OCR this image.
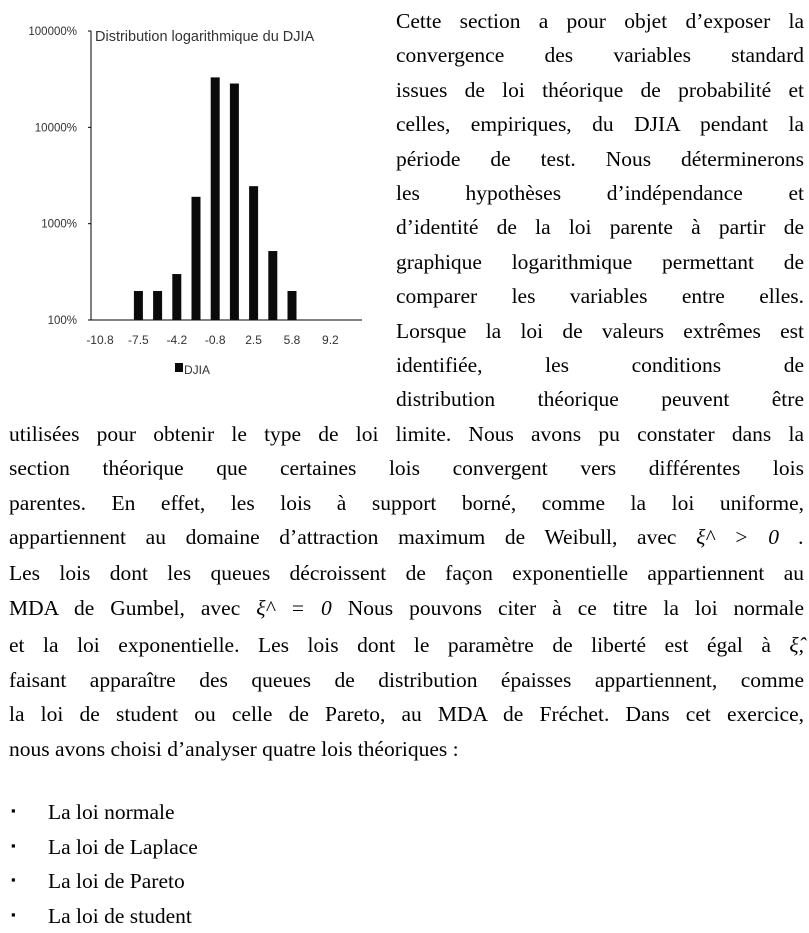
100%
1000%
10000%
100000%
-10.8 -7.5 -4.2 -0.8 2.5 5.8 9.2
Distribution logarithmique du DJIA
DJIA
Cette section a pour objet d’exposer la
convergence des variables standard
issues de loi théorique de probabilité et
celles, empiriques, du DJIA pendant la
période de test. Nous déterminerons
les hypothèses d’indépendance et
d’identité de la loi parente à partir de
graphique logarithmique permettant de
comparer les variables entre elles.
Lorsque la loi de valeurs extrêmes est
identifiée, les conditions de
distribution théorique peuvent être
utilisées pour obtenir le type de loi limite. Nous avons pu constater dans la
section théorique que certaines lois convergent vers différentes lois
parentes. En effet, les lois à support borné, comme la loi uniforme,
appartiennent au domaine d’attraction maximum de Weibull, avec ξ^ > 0 .
Les lois dont les queues décroissent de façon exponentielle appartiennent au
MDA de Gumbel, avec ξ^ = 0 Nous pouvons citer à ce titre la loi normale
et la loi exponentielle. Les lois dont le paramètre de liberté est égal à ξ̂,
faisant apparaître des queues de distribution épaisses appartiennent, comme
la loi de student ou celle de Pareto, au MDA de Fréchet. Dans cet exercice,
nous avons choisi d’analyser quatre lois théoriques :
▪ La loi normale
▪ La loi de Laplace
▪ La loi de Pareto
▪ La loi de student
